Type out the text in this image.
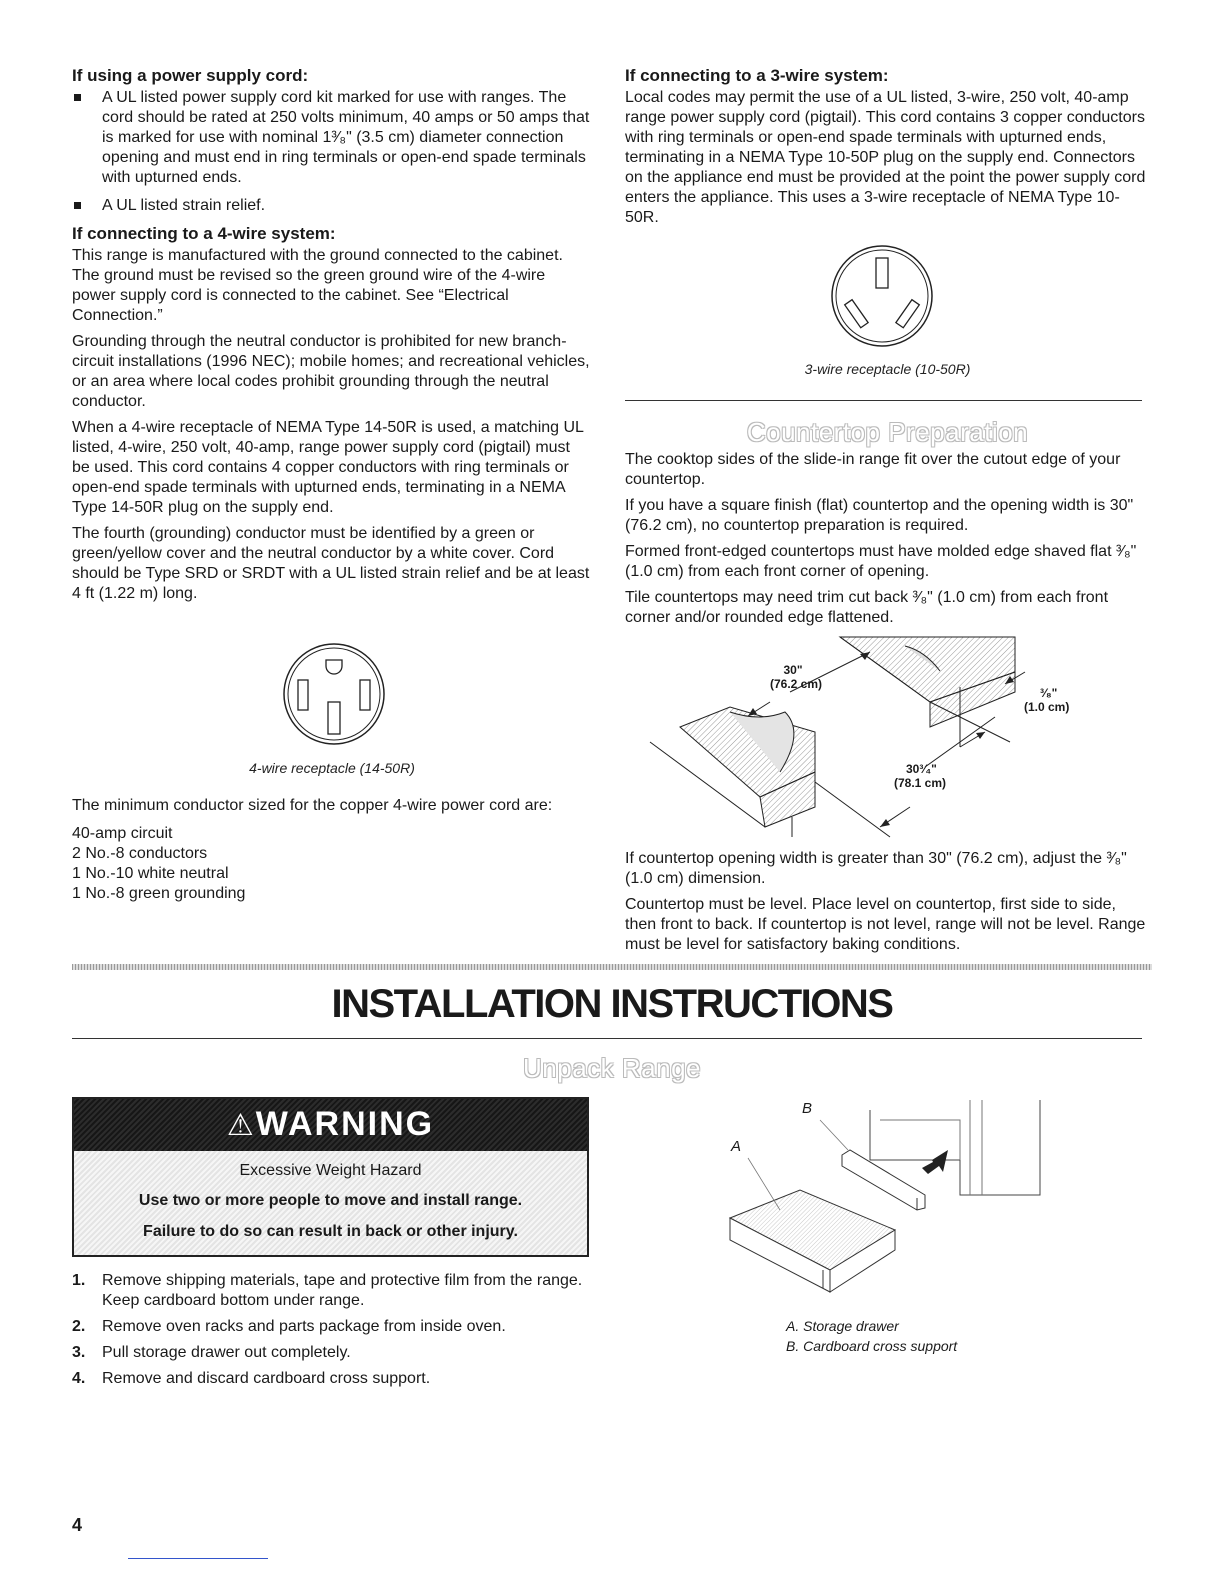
If using a power supply cord:
A UL listed power supply cord kit marked for use with ranges. The cord should be rated at 250 volts minimum, 40 amps or 50 amps that is marked for use with nominal 1³⁄₈" (3.5 cm) diameter connection opening and must end in ring terminals or open-end spade terminals with upturned ends.
A UL listed strain relief.
If connecting to a 4-wire system:

This range is manufactured with the ground connected to the cabinet. The ground must be revised so the green ground wire of the 4-wire power supply cord is connected to the cabinet. See “Electrical Connection.”

Grounding through the neutral conductor is prohibited for new branch-circuit installations (1996 NEC); mobile homes; and recreational vehicles, or an area where local codes prohibit grounding through the neutral conductor.

When a 4-wire receptacle of NEMA Type 14-50R is used, a matching UL listed, 4-wire, 250 volt, 40-amp, range power supply cord (pigtail) must be used. This cord contains 4 copper conductors with ring terminals or open-end spade terminals with upturned ends, terminating in a NEMA Type 14-50R plug on the supply end.

The fourth (grounding) conductor must be identified by a green or green/yellow cover and the neutral conductor by a white cover. Cord should be Type SRD or SRDT with a UL listed strain relief and be at least 4 ft (1.22 m) long.

4-wire receptacle (14-50R)

The minimum conductor sized for the copper 4-wire power cord are:

40-amp circuit

2 No.-8 conductors

1 No.-10 white neutral

1 No.-8 green grounding

If connecting to a 3-wire system:

Local codes may permit the use of a UL listed, 3-wire, 250 volt, 40-amp range power supply cord (pigtail). This cord contains 3 copper conductors with ring terminals or open-end spade terminals with upturned ends, terminating in a NEMA Type 10-50P plug on the supply end. Connectors on the appliance end must be provided at the point the power supply cord enters the appliance. This uses a 3-wire receptacle of NEMA Type 10-50R.

3-wire receptacle (10-50R)
Countertop Preparation

The cooktop sides of the slide-in range fit over the cutout edge of your countertop.

If you have a square finish (flat) countertop and the opening width is 30" (76.2 cm), no countertop preparation is required.

Formed front-edged countertops must have molded edge shaved flat ³⁄₈" (1.0 cm) from each front corner of opening.

Tile countertops may need trim cut back ³⁄₈" (1.0 cm) from each front corner and/or rounded edge flattened.

30"
(76.2 cm)
³⁄₈"
(1.0 cm)
30³⁄₄"
(78.1 cm)

If countertop opening width is greater than 30" (76.2 cm), adjust the ³⁄₈" (1.0 cm) dimension.

Countertop must be level. Place level on countertop, first side to side, then front to back. If countertop is not level, range will not be level. Range must be level for satisfactory baking conditions.

INSTALLATION INSTRUCTIONS
Unpack Range
⚠WARNING
Excessive Weight Hazard
Use two or more people to move and install range.
Failure to do so can result in back or other injury.
1. Remove shipping materials, tape and protective film from the range. Keep cardboard bottom under range.
2. Remove oven racks and parts package from inside oven.
3. Pull storage drawer out completely.
4. Remove and discard cardboard cross support.
A
B
A. Storage drawer
B. Cardboard cross support
4
